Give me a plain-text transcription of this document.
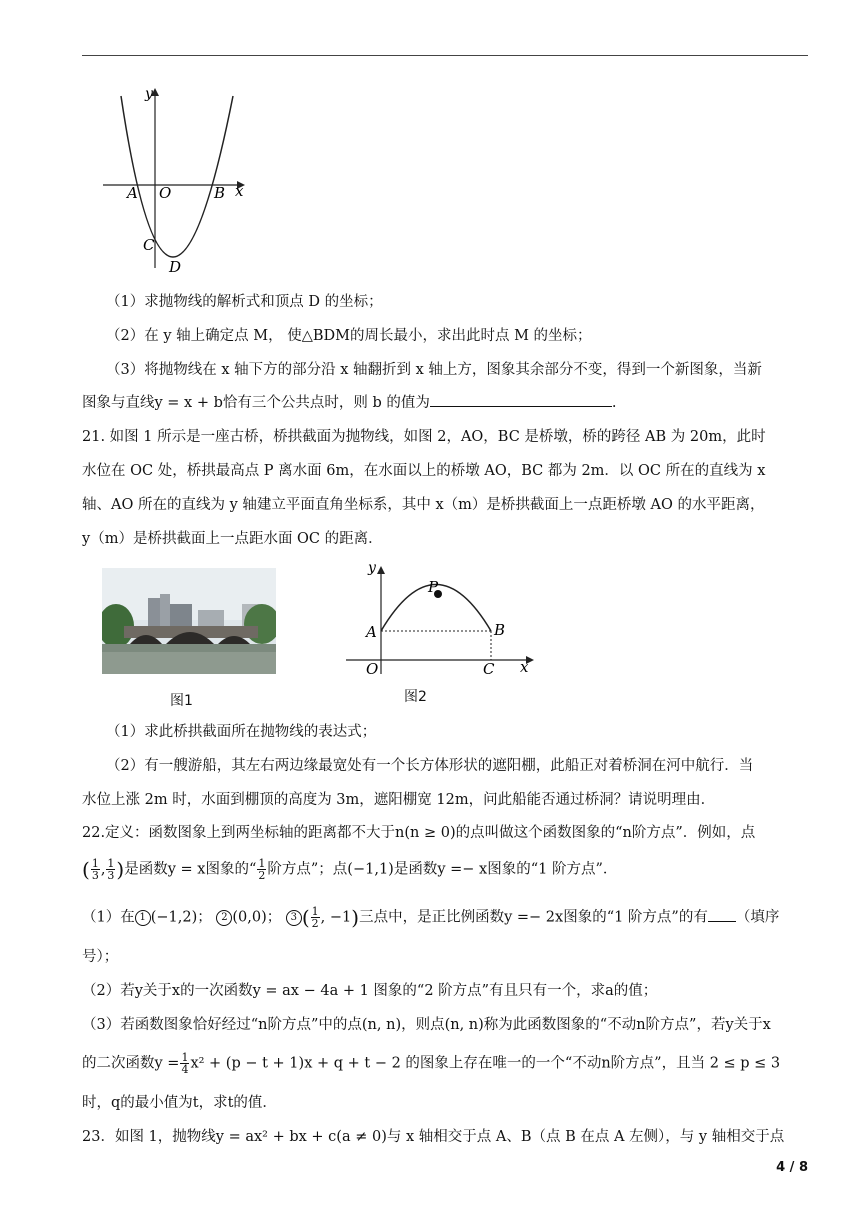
y
x
A O	B
C
D
（1）求抛物线的解析式和顶点 D 的坐标；
（2）在 y 轴上确定点 M， 使△BDM的周长最小，求出此时点 M 的坐标；
（3）将抛物线在 x 轴下方的部分沿 x 轴翻折到 x 轴上方，图象其余部分不变，得到一个新图象，当新
图象与直线y = x + b恰有三个公共点时，则 b 的值为	.
21. 如图 1 所示是一座古桥，桥拱截面为抛物线，如图 2，AO，BC 是桥墩，桥的跨径 AB 为 20m，此时
水位在 OC 处，桥拱最高点 P 离水面 6m，在水面以上的桥墩 AO，BC 都为 2m．以 OC 所在的直线为 x
轴、AO 所在的直线为 y 轴建立平面直角坐标系，其中 x（m）是桥拱截面上一点距桥墩 AO 的水平距离，
y（m）是桥拱截面上一点距水面 OC 的距离．
图1
y
x
A
O
B
C
P
图2
（1）求此桥拱截面所在抛物线的表达式；
（2）有一艘游船，其左右两边缘最宽处有一个长方体形状的遮阳棚，此船正对着桥洞在河中航行．当
水位上涨 2m 时，水面到棚顶的高度为 3m，遮阳棚宽 12m，问此船能否通过桥洞？请说明理由．
22.定义：函数图象上到两坐标轴的距离都不大于n(n ≥ 0)的点叫做这个函数图象的“n阶方点”．例如，点
( $\frac{1}{3}$ , $\frac{1}{3}$ )是函数y = x图象的“ $\frac{1}{2}$ 阶方点”；点(−1,1)是函数y =− x图象的“1 阶方点”．
（1）在 1 (−1,2)； 2 (0,0)； 3 ( $\frac{1}{2}$ , −1)三点中，是正比例函数y =− 2x图象的“1 阶方点”的有 （填序
号）；
（2）若y关于x的一次函数y = ax − 4a + 1 图象的“2 阶方点”有且只有一个，求a的值；
（3）若函数图象恰好经过“n阶方点”中的点(n, n)，则点(n, n)称为此函数图象的“不动n阶方点”，若y关于x
的二次函数$y = \frac{1}{4} x^2 + (p - t + 1)x + q + t - 2$ 的图象上存在唯一的一个“不动n阶方点”，且当 2 ≤ p ≤ 3
时，q的最小值为t，求t的值．
23．如图 1，抛物线y = ax² + bx + c(a ≠ 0)与 x 轴相交于点 A、B（点 B 在点 A 左侧），与 y 轴相交于点
4 / 8
